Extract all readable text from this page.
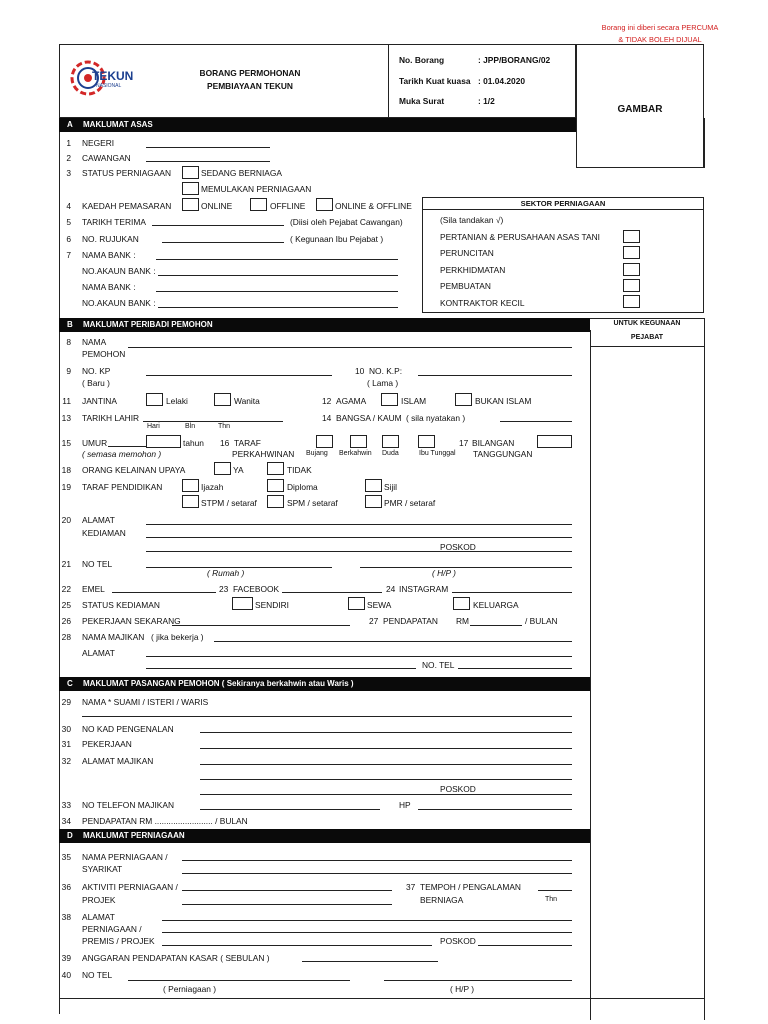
Borang ini diberi secara PERCUMA
& TIDAK BOLEH DIJUAL
GAMBAR
TEKUN
NASIONAL
BORANG PERMOHONAN
PEMBIAYAAN TEKUN
No. Borang	: JPP/BORANG/02
Tarikh Kuat kuasa : 01.04.2020
Muka Surat	: 1/2
A MAKLUMAT ASAS
1 NEGERI
2 CAWANGAN
3 STATUS PERNIAGAAN	SEDANG BERNIAGA
MEMULAKAN PERNIAGAAN
4 KAEDAH PEMASARAN	ONLINE	OFFLINE	ONLINE & OFFLINE
5 TARIKH TERIMA	(Diisi oleh Pejabat Cawangan)
6 NO. RUJUKAN	( Kegunaan Ibu Pejabat )
7 NAMA BANK :
NO.AKAUN BANK :
NAMA BANK :
NO.AKAUN BANK :
SEKTOR PERNIAGAAN
(Sila tandakan √)
PERTANIAN & PERUSAHAAN ASAS TANI
PERUNCITAN
PERKHIDMATAN
PEMBUATAN
KONTRAKTOR KECIL
B MAKLUMAT PERIBADI PEMOHON	UNTUK KEGUNAAN
PEJABAT
8 NAMA
PEMOHON
9 NO. KP
( Baru )
10 NO. K.P:
( Lama )
11 JANTINA	Lelaki	Wanita	12 AGAMA	ISLAM	BUKAN ISLAM
13 TARIKH LAHIR
Hari	Bln	Thn
14 BANGSA / KAUM ( sila nyatakan )
15 UMUR	tahun
( semasa memohon )
16 TARAF
PERKAHWINAN Bujang Berkahwin Duda	Ibu Tunggal
17 BILANGAN
TANGGUNGAN
18 ORANG KELAINAN UPAYA	YA	TIDAK
19 TARAF PENDIDIKAN	Ijazah	Diploma	Sijil
STPM / setaraf	SPM / setaraf	PMR / setaraf
20 ALAMAT
KEDIAMAN
POSKOD
21 NO TEL
( Rumah )	( H/P )
22 EMEL	23 FACEBOOK	24 INSTAGRAM
25 STATUS KEDIAMAN	SENDIRI	SEWA	KELUARGA
26 PEKERJAAN SEKARANG	27 PENDAPATAN RM	/ BULAN
28 NAMA MAJIKAN ( jika bekerja )
ALAMAT
NO. TEL
C MAKLUMAT PASANGAN PEMOHON ( Sekiranya berkahwin atau Waris )
29 NAMA * SUAMI / ISTERI / WARIS
30 NO KAD PENGENALAN
31 PEKERJAAN
32 ALAMAT MAJIKAN
POSKOD
33 NO TELEFON MAJIKAN	HP
34 PENDAPATAN RM ......................... / BULAN
D MAKLUMAT PERNIAGAAN
35 NAMA PERNIAGAAN /
SYARIKAT
36 AKTIVITI PERNIAGAAN /
PROJEK
37 TEMPOH / PENGALAMAN
BERNIAGA	Thn
38 ALAMAT
PERNIAGAAN /
PREMIS / PROJEK	POSKOD
39 ANGGARAN PENDAPATAN KASAR ( SEBULAN )
40 NO TEL
( Perniagaan )	( H/P )
